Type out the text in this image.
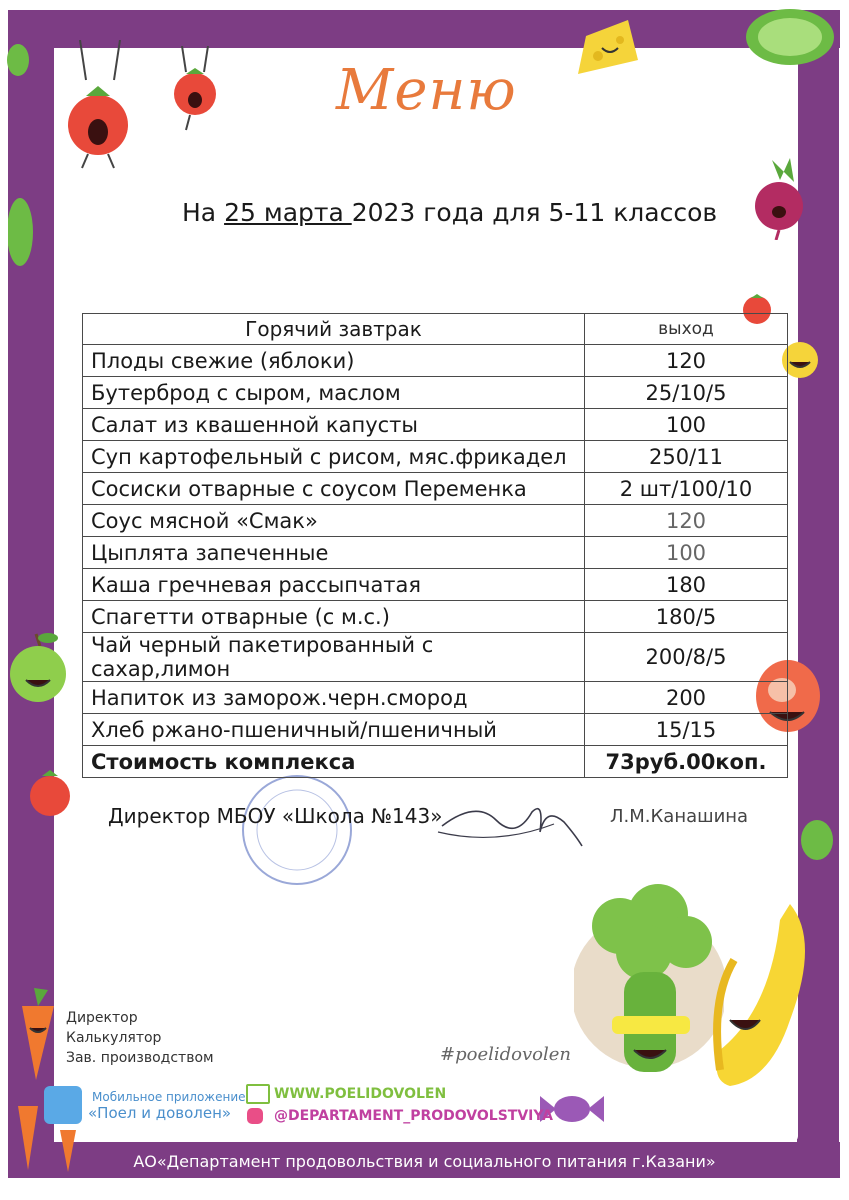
Меню
На 25 марта 2023 года для 5-11 классов
Горячий завтрак	выход
Плоды свежие (яблоки)	120
Бутерброд с сыром, маслом	25/10/5
Салат из квашенной капусты	100
Суп картофельный с рисом, мяс.фрикадел	250/11
Сосиски отварные с соусом Переменка	2 шт/100/10
Соус мясной «Смак»	120
Цыплята запеченные	100
Каша гречневая рассыпчатая	180
Спагетти отварные (с м.с.)	180/5
Чай черный пакетированный с сахар,лимон	200/8/5
Напиток из заморож.черн.смород	200
Хлеб ржано-пшеничный/пшеничный	15/15
Стоимость комплекса	73руб.00коп.
Директор МБОУ «Школа №143»	Л.М.Канашина
Директор
Калькулятор
Зав. производством
Мобильное приложение
«Поел и доволен»
WWW.POELIDOVOLEN
@DEPARTAMENT_PRODOVOLSTVIYA
#poelidovolen
АО«Департамент продовольствия и социального питания г.Казани»
